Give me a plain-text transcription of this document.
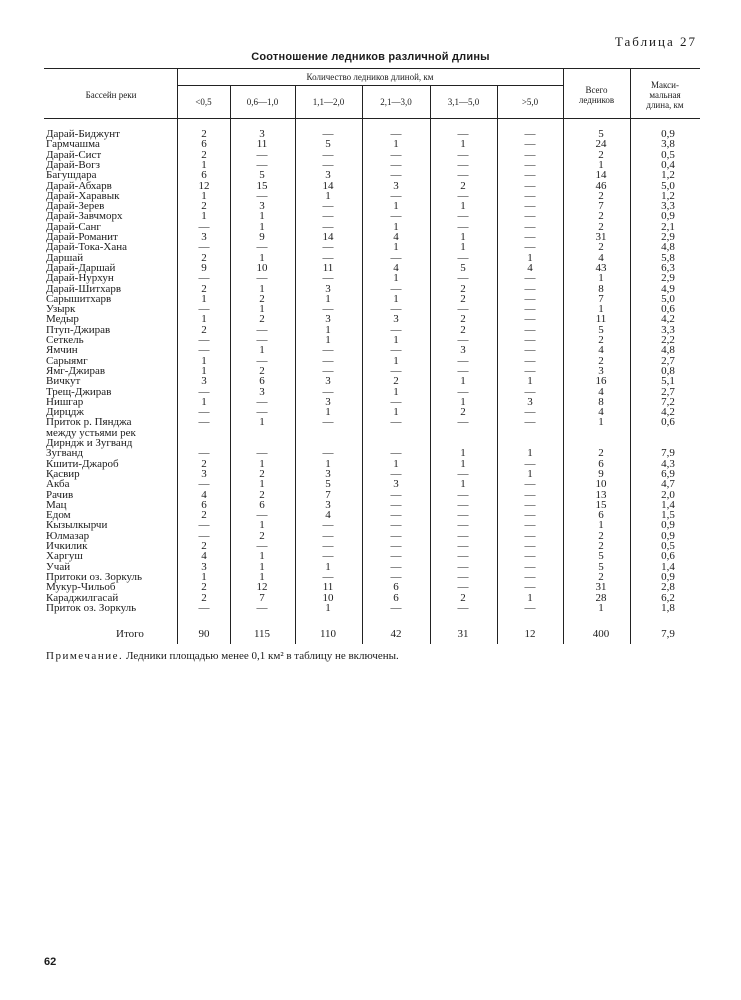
Таблица 27
Соотношение ледников различной длины
Бассейн реки
Количество ледников длиной, км
<0,5	0,6—1,0	1,1—2,0	2,1—3,0	3,1—5,0	>5,0
Всего
ледников
Макси-
мальная
длина, км
Дарай-Биджунт	2	3	—	—	—	—	5	0,9
Гармчашма	6	11	5	1	1	—	24	3,8
Дарай-Сист	2	—	—	—	—	—	2	0,5
Дарай-Вогз	1	—	—	—	—	—	1	0,4
Багушдара	6	5	3	—	—	—	14	1,2
Дарай-Абхарв	12	15	14	3	2	—	46	5,0
Дарай-Харавык	1	—	1	—	—	—	2	1,2
Дарай-Зерев	2	3	—	1	1	—	7	3,3
Дарай-Завчморх	1	1	—	—	—	—	2	0,9
Дарай-Санг	—	1	—	1	—	—	2	2,1
Дарай-Романит	3	9	14	4	1	—	31	2,9
Дарай-Тока-Хана	—	—	—	1	1	—	2	4,8
Даршай	2	1	—	—	—	1	4	5,8
Дарай-Даршай	9	10	11	4	5	4	43	6,3
Дарай-Нурхун	—	—	—	1	—	—	1	2,9
Дарай-Шитхарв	2	1	3	—	2	—	8	4,9
Сарышитхарв	1	2	1	1	2	—	7	5,0
Узырк	—	1	—	—	—	—	1	0,6
Медыр	1	2	3	3	2	—	11	4,2
Птуп-Джирав	2	—	1	—	2	—	5	3,3
Сеткель	—	—	1	1	—	—	2	2,2
Ямчин	—	1	—	—	3	—	4	4,8
Сарыямг	1	—	—	1	—	—	2	2,7
Ямг-Джирав	1	2	—	—	—	—	3	0,8
Вичкут	3	6	3	2	1	1	16	5,1
Трещ-Джирав	—	3	—	1	—	—	4	2,7
Нишгар	1	—	3	—	1	3	8	7,2
Дирцдж	—	—	1	1	2	—	4	4,2
Приток р. Пянджа	—	1	—	—	—	—	1	0,6
между устьями рек
Дирндж и Зугванд
Зугванд	—	—	—	—	1	1	2	7,9
Кшити-Джароб	2	1	1	1	1	—	6	4,3
Қасвир	3	2	3	—	—	1	9	6,9
Акба	—	1	5	3	1	—	10	4,7
Рачив	4	2	7	—	—	—	13	2,0
Мац	6	6	3	—	—	—	15	1,4
Едом	2	—	4	—	—	—	6	1,5
Кызылкырчи	—	1	—	—	—	—	1	0,9
Юлмазар	—	2	—	—	—	—	2	0,9
Ичкилик	2	—	—	—	—	—	2	0,5
Харгуш	4	1	—	—	—	—	5	0,6
Учай	3	1	1	—	—	—	5	1,4
Притоки оз. Зоркуль	1	1	—	—	—	—	2	0,9
Мукур-Чильоб	2	12	11	6	—	—	31	2,8
Караджилгасай	2	7	10	6	2	1	28	6,2
Приток оз. Зоркуль	—	—	1	—	—	—	1	1,8
Итого	90	115	110	42	31	12	400	7,9
Примечание. Ледники площадью менее 0,1 км² в таблицу не включены.
62
